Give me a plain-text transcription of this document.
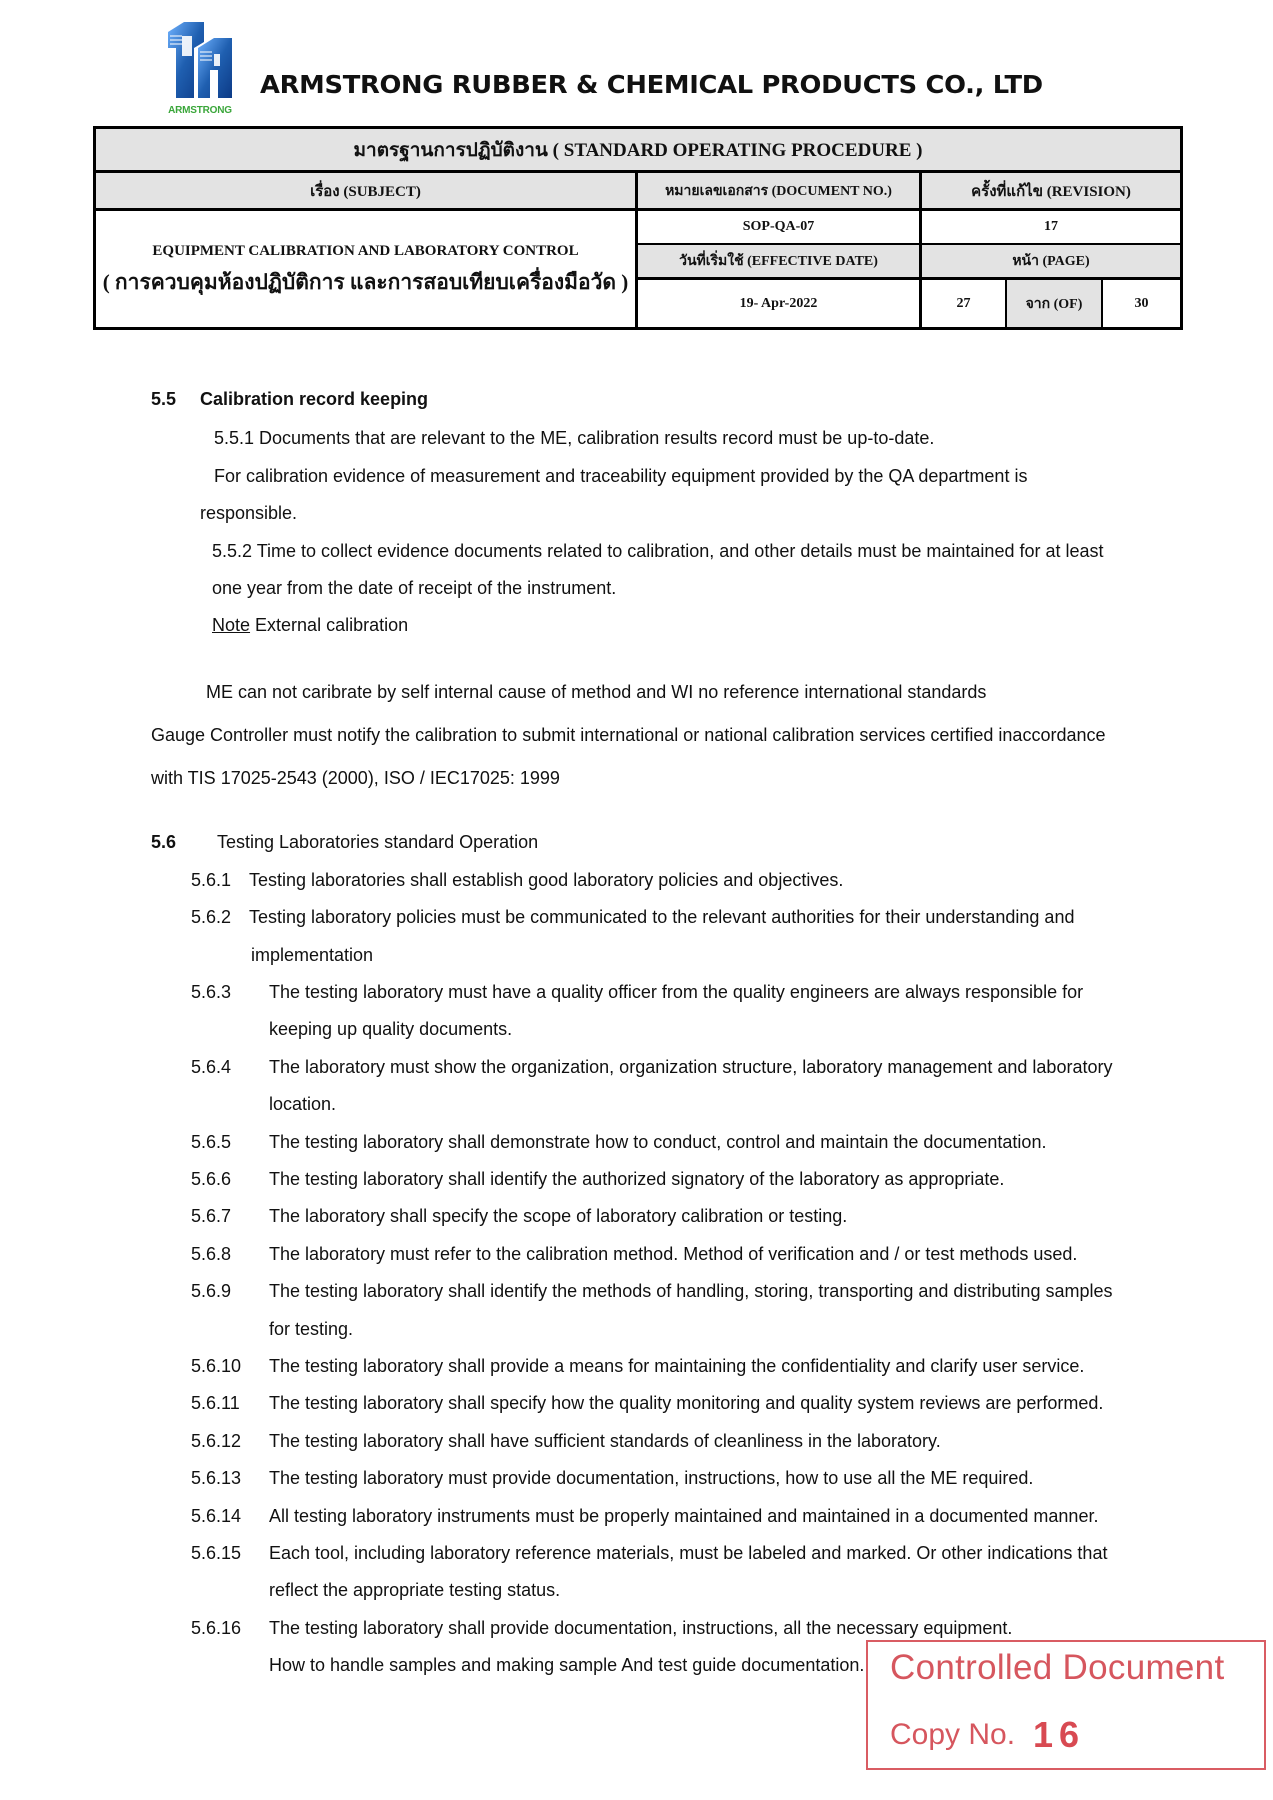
ARMSTRONG
ARMSTRONG RUBBER & CHEMICAL PRODUCTS CO., LTD
มาตรฐานการปฏิบัติงาน ( STANDARD OPERATING PROCEDURE )
เรื่อง (SUBJECT)	หมายเลขเอกสาร (DOCUMENT NO.)	ครั้งที่แก้ไข (REVISION)
EQUIPMENT CALIBRATION AND LABORATORY CONTROL
( การควบคุมห้องปฏิบัติการ และการสอบเทียบเครื่องมือวัด )
SOP-QA-07	17
วันที่เริ่มใช้ (EFFECTIVE DATE)	หน้า (PAGE)
19- Apr-2022	27	จาก (OF)	30
5.5 Calibration record keeping
5.5.1 Documents that are relevant to the ME, calibration results record must be up-to-date.
For calibration evidence of measurement and traceability equipment provided by the QA department is
responsible.
5.5.2 Time to collect evidence documents related to calibration, and other details must be maintained for at least
one year from the date of receipt of the instrument.
Note External calibration
ME can not caribrate by self internal cause of method and WI no reference international standards
Gauge Controller must notify the calibration to submit international or national calibration services certified inaccordance
with TIS 17025-2543 (2000), ISO / IEC17025: 1999
5.6 Testing Laboratories standard Operation
5.6.1 Testing laboratories shall establish good laboratory policies and objectives.
5.6.2 Testing laboratory policies must be communicated to the relevant authorities for their understanding and
implementation
5.6.3 The testing laboratory must have a quality officer from the quality engineers are always responsible for
keeping up quality documents.
5.6.4 The laboratory must show the organization, organization structure, laboratory management and laboratory
location.
5.6.5 The testing laboratory shall demonstrate how to conduct, control and maintain the documentation.
5.6.6 The testing laboratory shall identify the authorized signatory of the laboratory as appropriate.
5.6.7 The laboratory shall specify the scope of laboratory calibration or testing.
5.6.8 The laboratory must refer to the calibration method. Method of verification and / or test methods used.
5.6.9 The testing laboratory shall identify the methods of handling, storing, transporting and distributing samples
for testing.
5.6.10 The testing laboratory shall provide a means for maintaining the confidentiality and clarify user service.
5.6.11 The testing laboratory shall specify how the quality monitoring and quality system reviews are performed.
5.6.12 The testing laboratory shall have sufficient standards of cleanliness in the laboratory.
5.6.13 The testing laboratory must provide documentation, instructions, how to use all the ME required.
5.6.14 All testing laboratory instruments must be properly maintained and maintained in a documented manner.
5.6.15 Each tool, including laboratory reference materials, must be labeled and marked. Or other indications that
reflect the appropriate testing status.
5.6.16 The testing laboratory shall provide documentation, instructions, all the necessary equipment.
How to handle samples and making sample And test guide documentation. Controlled Document
Copy No. 16
